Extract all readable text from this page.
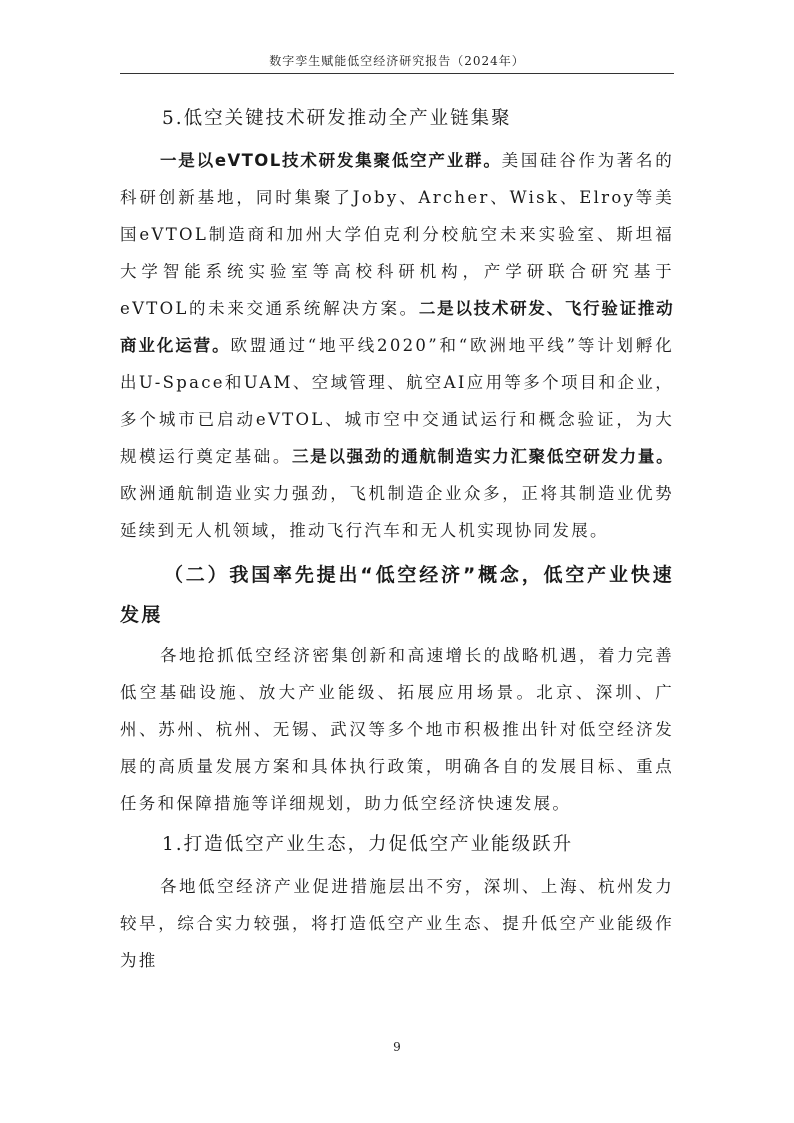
数字孪生赋能低空经济研究报告（2024年）

5.低空关键技术研发推动全产业链集聚

一是以eVTOL技术研发集聚低空产业群。美国硅谷作为著名的科研创新基地，同时集聚了Joby、Archer、Wisk、Elroy等美国eVTOL制造商和加州大学伯克利分校航空未来实验室、斯坦福大学智能系统实验室等高校科研机构，产学研联合研究基于eVTOL的未来交通系统解决方案。二是以技术研发、飞行验证推动商业化运营。欧盟通过“地平线2020”和“欧洲地平线”等计划孵化出U-Space和UAM、空域管理、航空AI应用等多个项目和企业，多个城市已启动eVTOL、城市空中交通试运行和概念验证，为大规模运行奠定基础。三是以强劲的通航制造实力汇聚低空研发力量。欧洲通航制造业实力强劲，飞机制造企业众多，正将其制造业优势延续到无人机领域，推动飞行汽车和无人机实现协同发展。

（二）我国率先提出“低空经济”概念，低空产业快速发展

各地抢抓低空经济密集创新和高速增长的战略机遇，着力完善低空基础设施、放大产业能级、拓展应用场景。北京、深圳、广州、苏州、杭州、无锡、武汉等多个地市积极推出针对低空经济发展的高质量发展方案和具体执行政策，明确各自的发展目标、重点任务和保障措施等详细规划，助力低空经济快速发展。

1.打造低空产业生态，力促低空产业能级跃升

各地低空经济产业促进措施层出不穷，深圳、上海、杭州发力较早，综合实力较强，将打造低空产业生态、提升低空产业能级作为推

9
